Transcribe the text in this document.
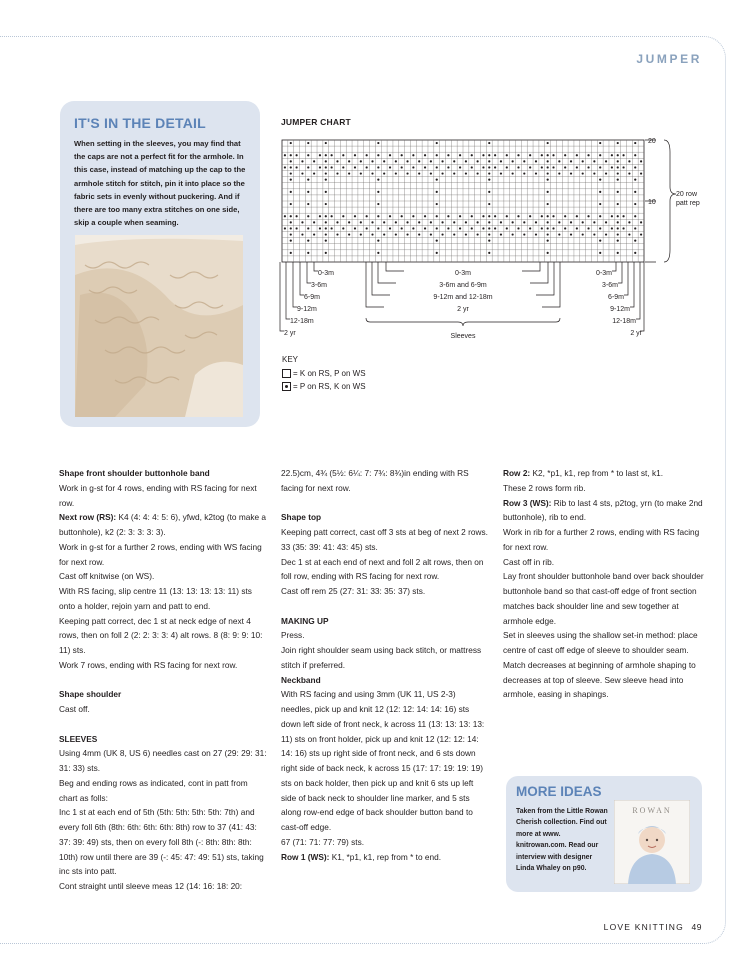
JUMPER
IT'S IN THE DETAIL

When setting in the sleeves, you may find that the caps are not a perfect fit for the armhole. In this case, instead of matching up the cap to the armhole stitch for stitch, pin it into place so the fabric sets in evenly without puckering. And if there are too many extra stitches on one side, skip a couple when seaming.

JUMPER CHART
20
10
20 row
patt rep
0-3m
3-6m
6-9m
9-12m
12-18m
2 yr
0-3m
3-6m and 6-9m
9-12m and 12-18m
2 yr
Sleeves
0-3m
3-6m
6-9m
9-12m
12-18m
2 yr
KEY
= K on RS, P on WS
= P on RS, K on WS

Shape front shoulder buttonhole band

Work in g-st for 4 rows, ending with RS facing for next row.

Next row (RS): K4 (4: 4: 4: 5: 6), yfwd, k2tog (to make a buttonhole), k2 (2: 3: 3: 3: 3).

Work in g-st for a further 2 rows, ending with WS facing for next row.

Cast off knitwise (on WS).

With RS facing, slip centre 11 (13: 13: 13: 13: 11) sts onto a holder, rejoin yarn and patt to end.

Keeping patt correct, dec 1 st at neck edge of next 4 rows, then on foll 2 (2: 2: 3: 3: 4) alt rows. 8 (8: 9: 9: 10: 11) sts.

Work 7 rows, ending with RS facing for next row.

Shape shoulder

Cast off.

SLEEVES

Using 4mm (UK 8, US 6) needles cast on 27 (29: 29: 31: 31: 33) sts.

Beg and ending rows as indicated, cont in patt from chart as folls:

Inc 1 st at each end of 5th (5th: 5th: 5th: 5th: 7th) and every foll 6th (8th: 6th: 6th: 6th: 8th) row to 37 (41: 43: 37: 39: 49) sts, then on every foll 8th (-: 8th: 8th: 8th: 10th) row until there are 39 (-: 45: 47: 49: 51) sts, taking inc sts into patt.

Cont straight until sleeve meas 12 (14: 16: 18: 20:

22.5)cm, 4¾ (5½: 6¼: 7: 7¾: 8¾)in ending with RS facing for next row.

Shape top

Keeping patt correct, cast off 3 sts at beg of next 2 rows. 33 (35: 39: 41: 43: 45) sts.

Dec 1 st at each end of next and foll 2 alt rows, then on foll row, ending with RS facing for next row.

Cast off rem 25 (27: 31: 33: 35: 37) sts.

MAKING UP

Press.

Join right shoulder seam using back stitch, or mattress stitch if preferred.

Neckband

With RS facing and using 3mm (UK 11, US 2-3) needles, pick up and knit 12 (12: 12: 14: 14: 16) sts down left side of front neck, k across 11 (13: 13: 13: 13: 11) sts on front holder, pick up and knit 12 (12: 12: 14: 14: 16) sts up right side of front neck, and 6 sts down right side of back neck, k across 15 (17: 17: 19: 19: 19) sts on back holder, then pick up and knit 6 sts up left side of back neck to shoulder line marker, and 5 sts along row-end edge of back shoulder button band to cast-off edge.

67 (71: 71: 77: 79) sts.

Row 1 (WS): K1, *p1, k1, rep from * to end.

Row 2: K2, *p1, k1, rep from * to last st, k1.

These 2 rows form rib.

Row 3 (WS): Rib to last 4 sts, p2tog, yrn (to make 2nd buttonhole), rib to end.

Work in rib for a further 2 rows, ending with RS facing for next row.

Cast off in rib.

Lay front shoulder buttonhole band over back shoulder buttonhole band so that cast-off edge of front section matches back shoulder line and sew together at armhole edge.

Set in sleeves using the shallow set-in method: place centre of cast off edge of sleeve to shoulder seam. Match decreases at beginning of armhole shaping to decreases at top of sleeve. Sew sleeve head into armhole, easing in shapings.

MORE IDEAS

Taken from the Little Rowan Cherish collection. Find out more at www. knitrowan.com. Read our interview with designer Linda Whaley on p90.

ROWAN
LOVE KNITTING 49
